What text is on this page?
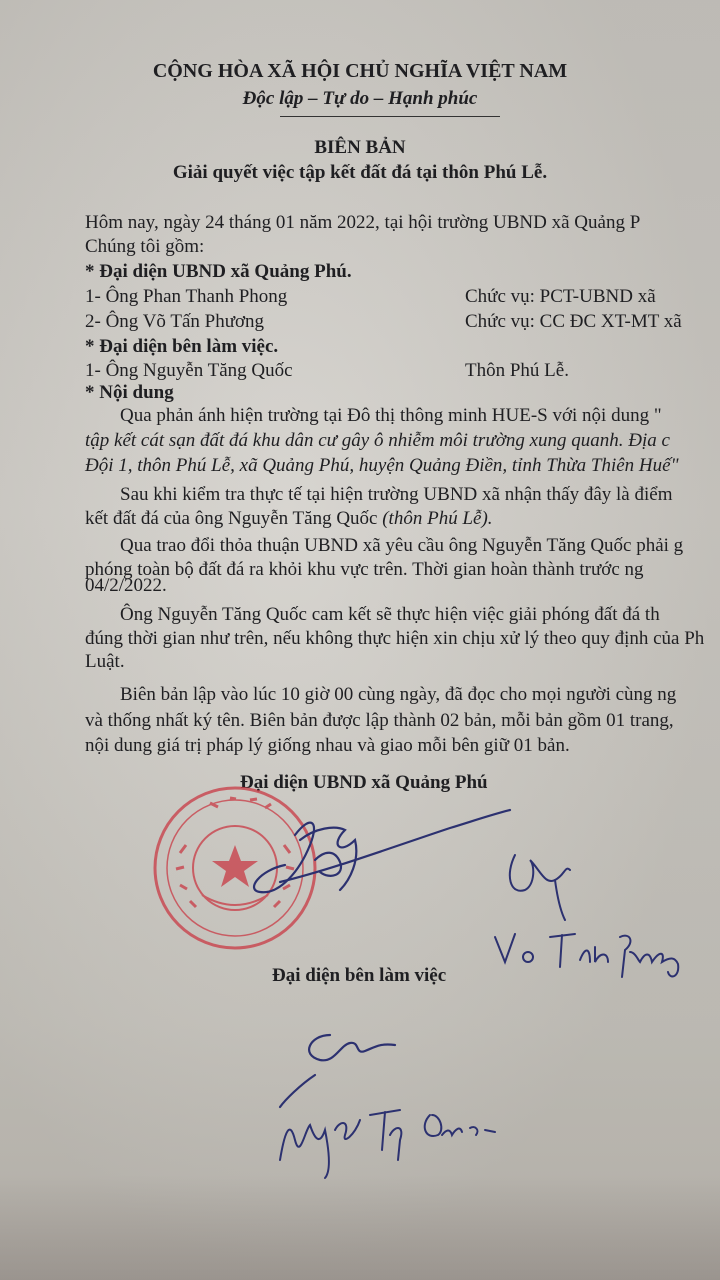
CỘNG HÒA XÃ HỘI CHỦ NGHĨA VIỆT NAM
Độc lập – Tự do – Hạnh phúc
BIÊN BẢN
Giải quyết việc tập kết đất đá tại thôn Phú Lễ.
Hôm nay, ngày 24 tháng 01 năm 2022, tại hội trường UBND xã Quảng P
Chúng tôi gồm:
* Đại diện UBND xã Quảng Phú.
1- Ông Phan Thanh Phong	Chức vụ: PCT-UBND xã
2- Ông Võ Tấn Phương	Chức vụ: CC ĐC XT-MT xã
* Đại diện bên làm việc.
1- Ông Nguyễn Tăng Quốc	Thôn Phú Lễ.
* Nội dung
Qua phản ánh hiện trường tại Đô thị thông minh HUE-S với nội dung "
tập kết cát sạn đất đá khu dân cư gây ô nhiễm môi trường xung quanh. Địa c
Đội 1, thôn Phú Lễ, xã Quảng Phú, huyện Quảng Điền, tỉnh Thừa Thiên Huế"
Sau khi kiểm tra thực tế tại hiện trường UBND xã nhận thấy đây là điểm
kết đất đá của ông Nguyễn Tăng Quốc (thôn Phú Lễ).
Qua trao đổi thỏa thuận UBND xã yêu cầu ông Nguyễn Tăng Quốc phải g
phóng toàn bộ đất đá ra khỏi khu vực trên. Thời gian hoàn thành trước ng
04/2/2022.
Ông Nguyễn Tăng Quốc cam kết sẽ thực hiện việc giải phóng đất đá th
đúng thời gian như trên, nếu không thực hiện xin chịu xử lý theo quy định của Ph
Luật.
Biên bản lập vào lúc 10 giờ 00 cùng ngày, đã đọc cho mọi người cùng ng
và thống nhất ký tên. Biên bản được lập thành 02 bản, mỗi bản gồm 01 trang,
nội dung giá trị pháp lý giống nhau và giao mỗi bên giữ 01 bản.
Đại diện UBND xã Quảng Phú
Đại diện bên làm việc
